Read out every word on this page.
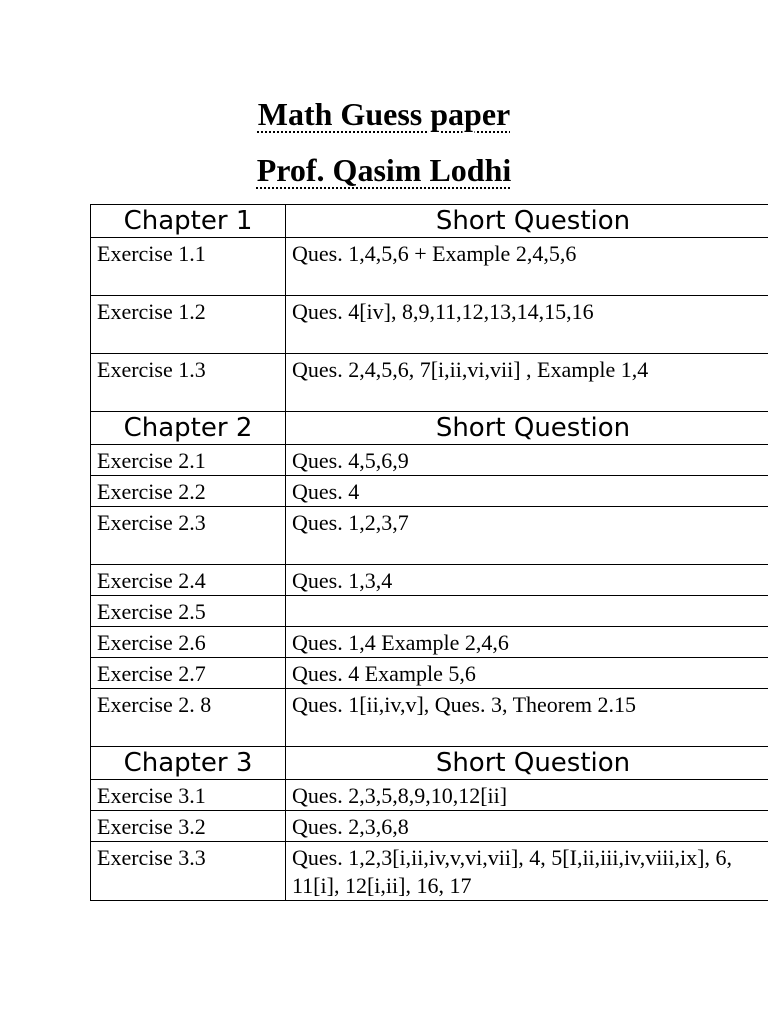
Math Guess paper
Prof. Qasim Lodhi
Chapter 1	Short Question
Exercise 1.1	Ques. 1,4,5,6 + Example 2,4,5,6
Exercise 1.2	Ques. 4[iv], 8,9,11,12,13,14,15,16
Exercise 1.3	Ques. 2,4,5,6, 7[i,ii,vi,vii] , Example 1,4
Chapter 2	Short Question
Exercise 2.1	Ques. 4,5,6,9
Exercise 2.2	Ques. 4
Exercise 2.3	Ques. 1,2,3,7
Exercise 2.4	Ques. 1,3,4
Exercise 2.5	
Exercise 2.6	Ques. 1,4 Example 2,4,6
Exercise 2.7	Ques. 4 Example 5,6
Exercise 2. 8	Ques. 1[ii,iv,v], Ques. 3, Theorem 2.15
Chapter 3	Short Question
Exercise 3.1	Ques. 2,3,5,8,9,10,12[ii]
Exercise 3.2	Ques. 2,3,6,8
Exercise 3.3	Ques. 1,2,3[i,ii,iv,v,vi,vii], 4, 5[I,ii,iii,iv,viii,ix], 6, 11[i], 12[i,ii], 16, 17
